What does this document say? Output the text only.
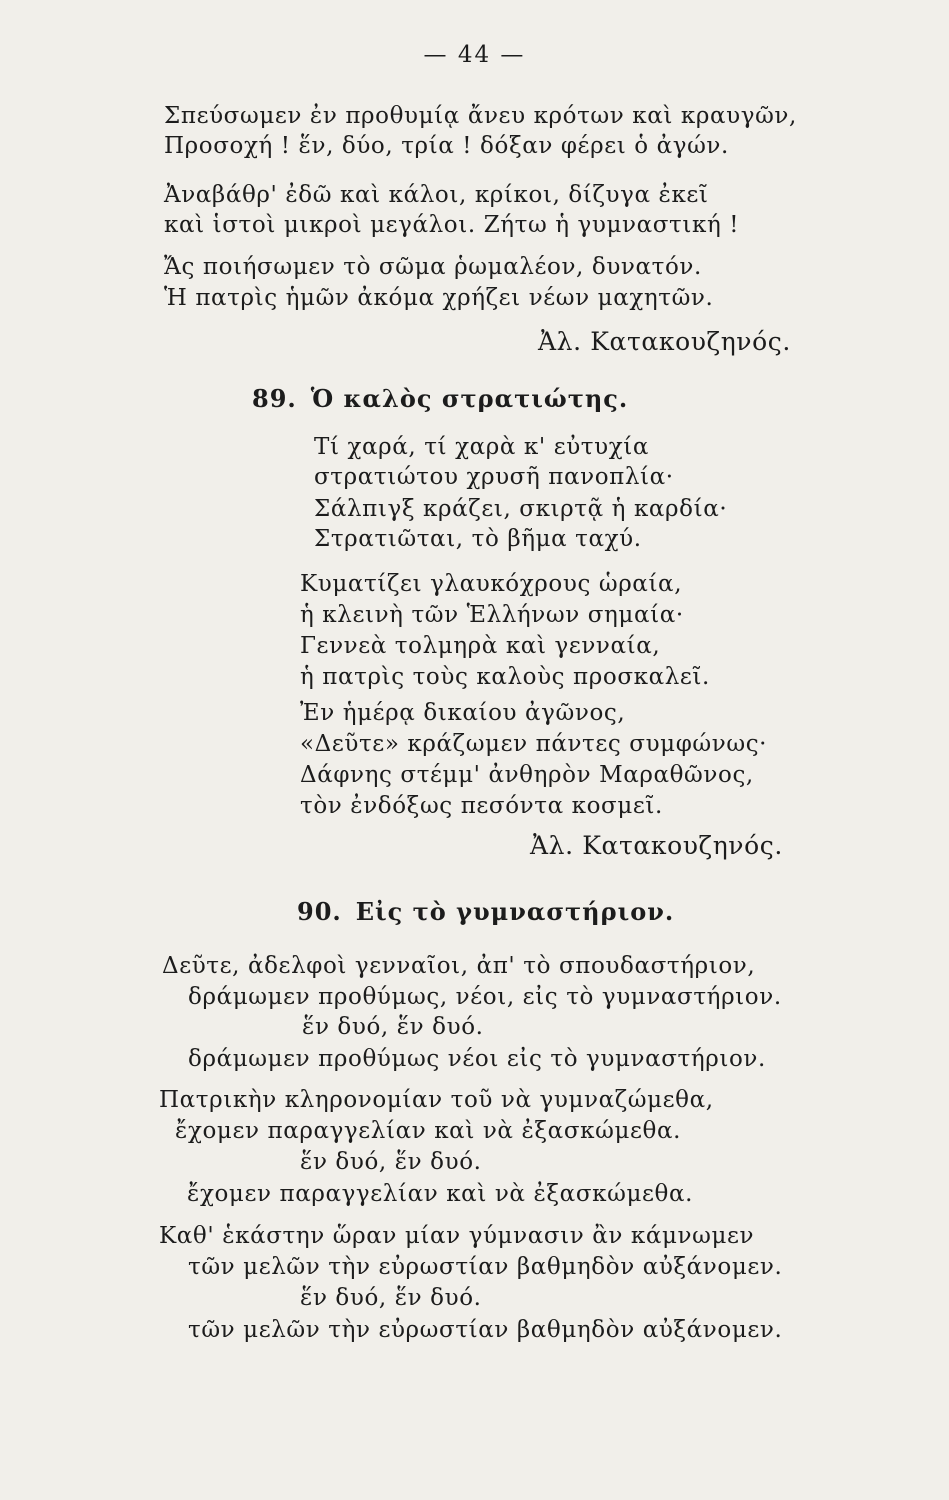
— 44 —
Σπεύσωμεν ἐν προθυμίᾳ ἄνευ κρότων καὶ κραυγῶν,
Προσοχή ! ἕν, δύο, τρία ! δόξαν φέρει ὁ ἀγών.
Ἀναβάθρ' ἐδῶ καὶ κάλοι, κρίκοι, δίζυγα ἐκεῖ
καὶ ἱστοὶ μικροὶ μεγάλοι. Ζήτω ἡ γυμναστική !
Ἄς ποιήσωμεν τὸ σῶμα ῥωμαλέον, δυνατόν.
Ἡ πατρὶς ἡμῶν ἀκόμα χρήζει νέων μαχητῶν.
Ἀλ. Κατακουζηνός.
89. Ὁ καλὸς στρατιώτης.
Τί χαρά, τί χαρὰ κ' εὐτυχία
στρατιώτου χρυσῆ πανοπλία·
Σάλπιγξ κράζει, σκιρτᾷ ἡ καρδία·
Στρατιῶται, τὸ βῆμα ταχύ.
Κυματίζει γλαυκόχρους ὡραία,
ἡ κλεινὴ τῶν Ἑλλήνων σημαία·
Γεννεὰ τολμηρὰ καὶ γενναία,
ἡ πατρὶς τοὺς καλοὺς προσκαλεῖ.
Ἐν ἡμέρᾳ δικαίου ἀγῶνος,
«Δεῦτε» κράζωμεν πάντες συμφώνως·
Δάφνης στέμμ' ἀνθηρὸν Μαραθῶνος,
τὸν ἐνδόξως πεσόντα κοσμεῖ.
Ἀλ. Κατακουζηνός.
90. Εἰς τὸ γυμναστήριον.
Δεῦτε, ἀδελφοὶ γενναῖοι, ἀπ' τὸ σπουδαστήριον,
δράμωμεν προθύμως, νέοι, εἰς τὸ γυμναστήριον.
ἕν δυό, ἕν δυό.
δράμωμεν προθύμως νέοι εἰς τὸ γυμναστήριον.
Πατρικὴν κληρονομίαν τοῦ νὰ γυμναζώμεθα,
ἔχομεν παραγγελίαν καὶ νὰ ἐξασκώμεθα.
ἕν δυό, ἕν δυό.
ἔχομεν παραγγελίαν καὶ νὰ ἐξασκώμεθα.
Καθ' ἑκάστην ὥραν μίαν γύμνασιν ἂν κάμνωμεν
τῶν μελῶν τὴν εὐρωστίαν βαθμηδὸν αὐξάνομεν.
ἕν δυό, ἕν δυό.
τῶν μελῶν τὴν εὐρωστίαν βαθμηδὸν αὐξάνομεν.
